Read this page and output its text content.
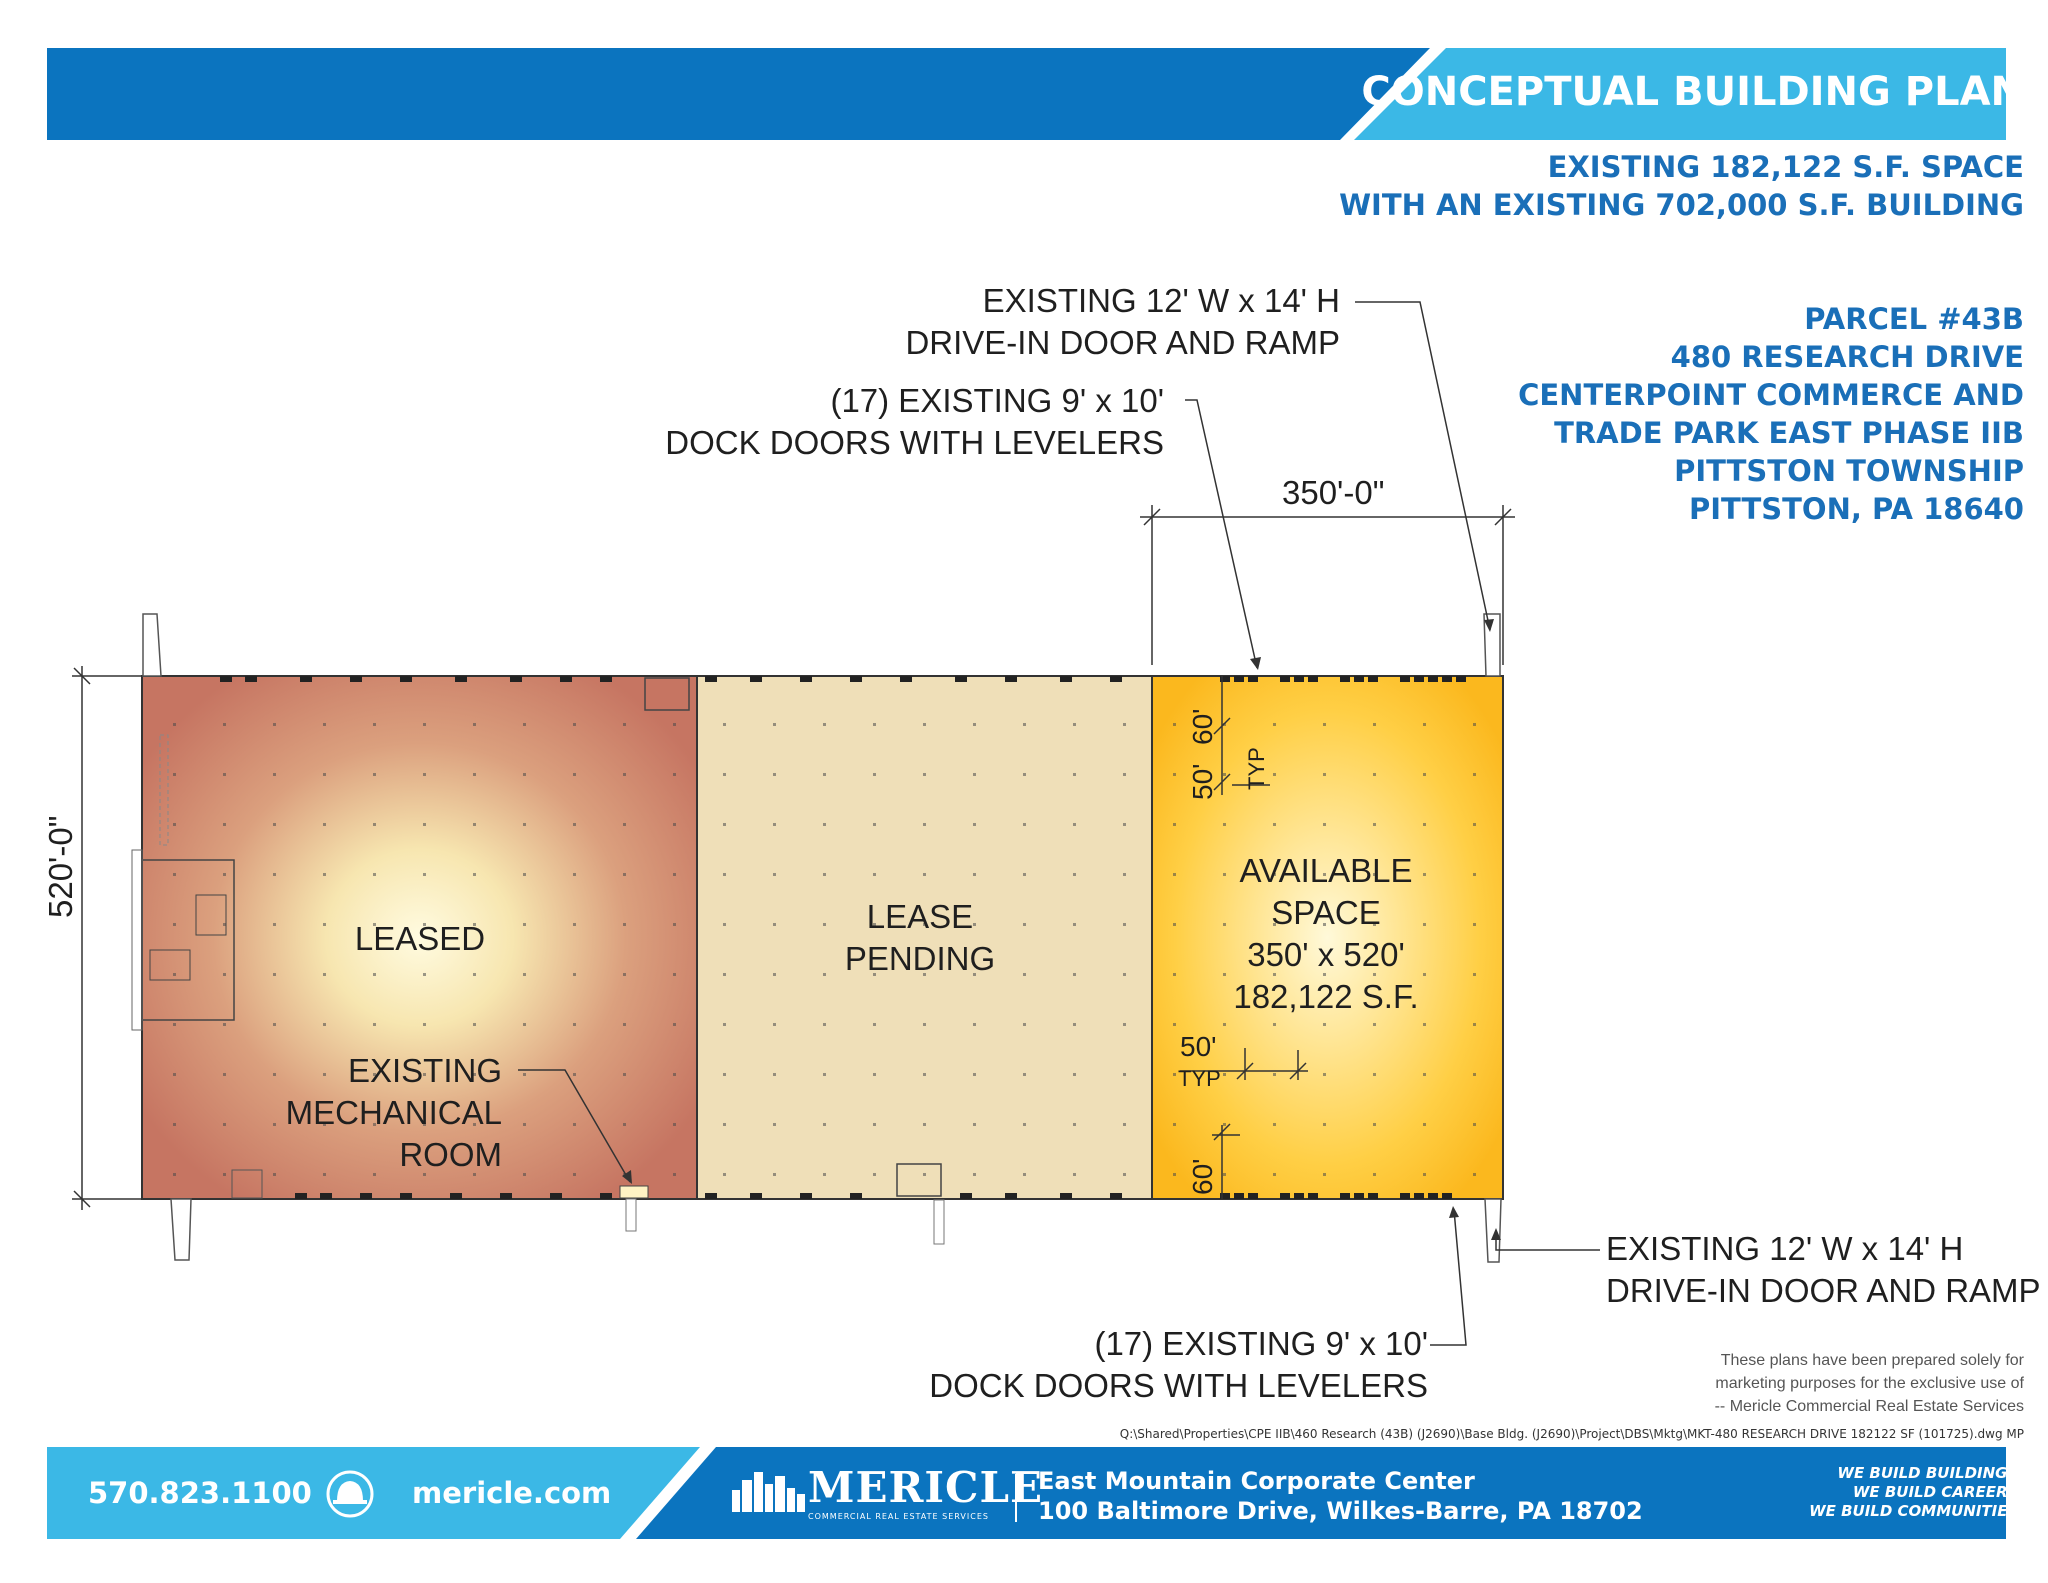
CONCEPTUAL BUILDING PLAN
EXISTING 182,122 S.F. SPACE
WITH AN EXISTING 702,000 S.F. BUILDING
PARCEL #43B
480 RESEARCH DRIVE
CENTERPOINT COMMERCE AND
TRADE PARK EAST PHASE IIB
PITTSTON TOWNSHIP
PITTSTON, PA 18640
EXISTING 12' W x 14' H
DRIVE-IN DOOR AND RAMP
(17) EXISTING 9' x 10'
DOCK DOORS WITH LEVELERS
350'-0"
520'-0"
LEASED
LEASE
PENDING
AVAILABLE
SPACE
350' x 520'
182,122 S.F.
EXISTING
MECHANICAL
ROOM
60'
50'	TYP
50'
TYP
60'
EXISTING 12' W x 14' H
DRIVE-IN DOOR AND RAMP
(17) EXISTING 9' x 10'
DOCK DOORS WITH LEVELERS
These plans have been prepared solely for
marketing purposes for the exclusive use of
-- Mericle Commercial Real Estate Services
Q:\Shared\Properties\CPE IIB\460 Research (43B) (J2690)\Base Bldg. (J2690)\Project\DBS\Mktg\MKT-480 RESEARCH DRIVE 182122 SF (101725).dwg MP
570.823.1100	mericle.com	MERICLE
COMMERCIAL REAL ESTATE SERVICES
East Mountain Corporate Center
100 Baltimore Drive, Wilkes-Barre, PA 18702
WE BUILD BUILDINGS.
WE BUILD CAREERS.
WE BUILD COMMUNITIES.
